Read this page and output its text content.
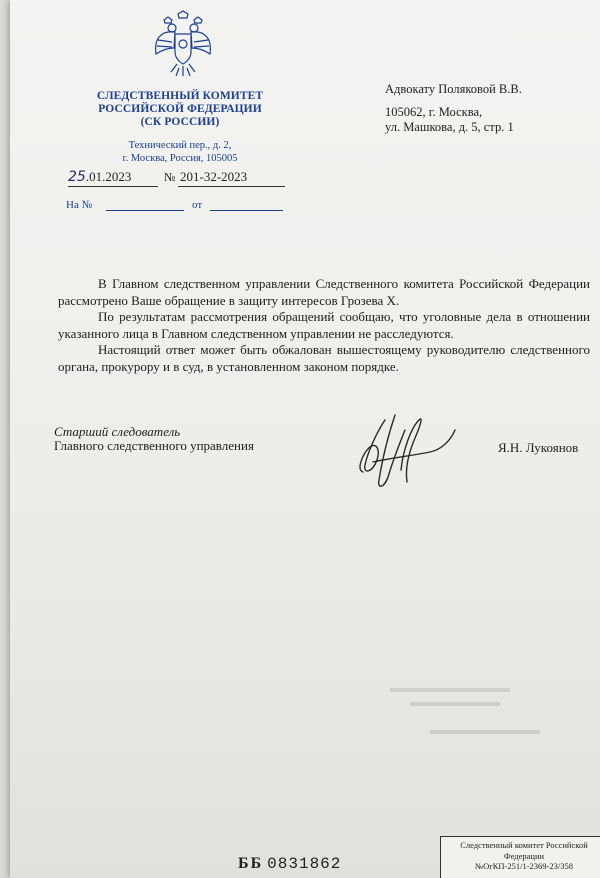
СЛЕДСТВЕННЫЙ КОМИТЕТ
РОССИЙСКОЙ ФЕДЕРАЦИИ
(СК РОССИИ)
Технический пер., д. 2,
г. Москва, Россия, 105005
25.01.2023	№ 201-32-2023
На №	от
Адвокату Поляковой В.В.
105062, г. Москва,
ул. Машкова, д. 5, стр. 1

В Главном следственном управлении Следственного комитета Российской Федерации рассмотрено Ваше обращение в защиту интересов Грозева Х.

По результатам рассмотрения обращений сообщаю, что уголовные дела в отношении указанного лица в Главном следственном управлении не расследуются.

Настоящий ответ может быть обжалован вышестоящему руководителю следственного органа, прокурору и в суд, в установленном законом порядке.

Старший следователь
Главного следственного управления	Я.Н. Лукоянов
ББ 0831862
Следственный комитет Российской
Федерации
№ОгКП-251/1-2369-23/358
